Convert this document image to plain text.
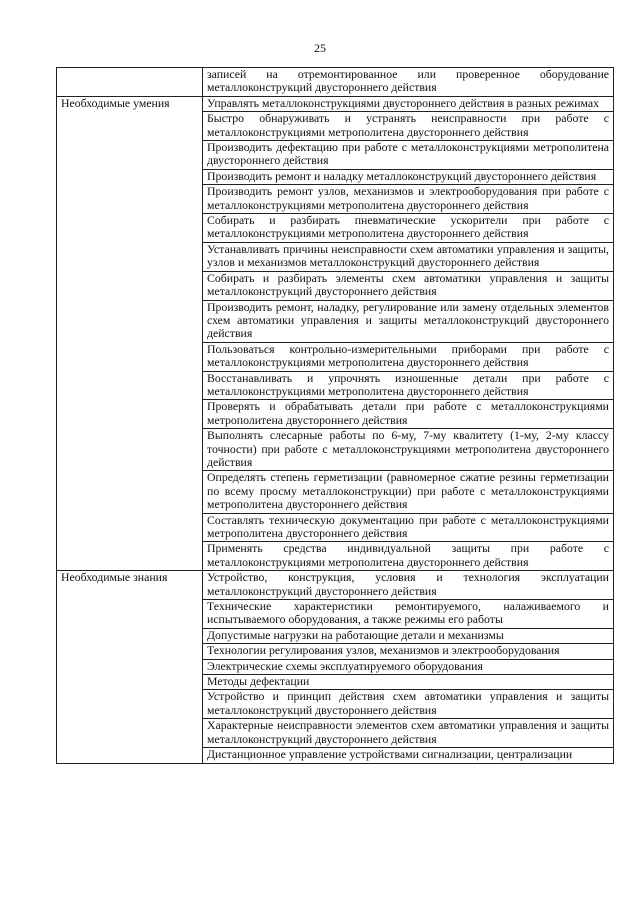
25
	записей на отремонтированное или проверенное оборудование металлоконструкций двустороннего действия
Необходимые умения	Управлять металлоконструкциями двустороннего действия в разных режимах
	Быстро обнаруживать и устранять неисправности при работе с металлоконструкциями метрополитена двустороннего действия
	Производить дефектацию при работе с металлоконструкциями метрополитена двустороннего действия
	Производить ремонт и наладку металлоконструкций двустороннего действия
	Производить ремонт узлов, механизмов и электрооборудования при работе с металлоконструкциями метрополитена двустороннего действия
	Собирать и разбирать пневматические ускорители при работе с металлоконструкциями метрополитена двустороннего действия
	Устанавливать причины неисправности схем автоматики управления и защиты, узлов и механизмов металлоконструкций двустороннего действия
	Собирать и разбирать элементы схем автоматики управления и защиты металлоконструкций двустороннего действия
	Производить ремонт, наладку, регулирование или замену отдельных элементов схем автоматики управления и защиты металлоконструкций двустороннего действия
	Пользоваться контрольно-измерительными приборами при работе с металлоконструкциями метрополитена двустороннего действия
	Восстанавливать и упрочнять изношенные детали при работе с металлоконструкциями метрополитена двустороннего действия
	Проверять и обрабатывать детали при работе с металлоконструкциями метрополитена двустороннего действия
	Выполнять слесарные работы по 6-му, 7-му квалитету (1-му, 2-му классу точности) при работе с металлоконструкциями метрополитена двустороннего действия
	Определять степень герметизации (равномерное сжатие резины герметизации по всему просму металлоконструкции) при работе с металлоконструкциями метрополитена двустороннего действия
	Составлять техническую документацию при работе с металлоконструкциями метрополитена двустороннего действия
	Применять средства индивидуальной защиты при работе с металлоконструкциями метрополитена двустороннего действия
Необходимые знания	Устройство, конструкция, условия и технология эксплуатации металлоконструкций двустороннего действия
	Технические характеристики ремонтируемого, налаживаемого и испытываемого оборудования, а также режимы его работы
	Допустимые нагрузки на работающие детали и механизмы
	Технологии регулирования узлов, механизмов и электрооборудования
	Электрические схемы эксплуатируемого оборудования
	Методы дефектации
	Устройство и принцип действия схем автоматики управления и защиты металлоконструкций двустороннего действия
	Характерные неисправности элементов схем автоматики управления и защиты металлоконструкций двустороннего действия
	Дистанционное управление устройствами сигнализации, централизации
